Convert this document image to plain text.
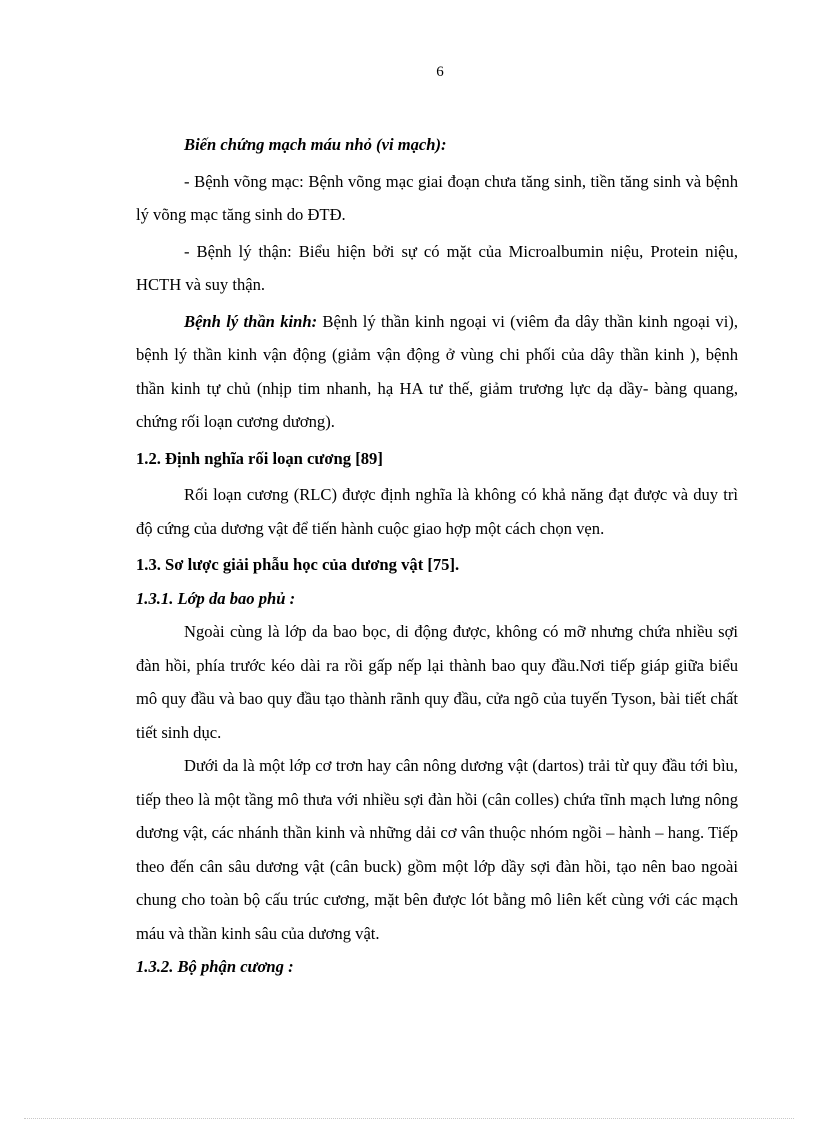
6

Biến chứng mạch máu nhỏ (vi mạch):

- Bệnh võng mạc: Bệnh võng mạc giai đoạn chưa tăng sinh, tiền tăng sinh và bệnh lý võng mạc tăng sinh do ĐTĐ.

- Bệnh lý thận: Biểu hiện bởi sự có mặt của Microalbumin niệu, Protein niệu, HCTH và suy thận.

Bệnh lý thần kinh: Bệnh lý thần kinh ngoại vi (viêm đa dây thần kinh ngoại vi), bệnh lý thần kinh vận động (giảm vận động ở vùng chi phối của dây thần kinh ), bệnh thần kinh tự chủ (nhịp tim nhanh, hạ HA tư thế, giảm trương lực dạ dầy- bàng quang, chứng rối loạn cương dương).

1.2. Định nghĩa rối loạn cương [89]

Rối loạn cương (RLC) được định nghĩa là không có khả năng đạt được và duy trì độ cứng của dương vật để tiến hành cuộc giao hợp một cách chọn vẹn.

1.3. Sơ lược giải phẫu học của dương vật [75].

1.3.1. Lớp da bao phủ :

Ngoài cùng là lớp da bao bọc, di động được, không có mỡ nhưng chứa nhiều sợi đàn hồi, phía trước kéo dài ra rồi gấp nếp lại thành bao quy đầu.Nơi tiếp giáp giữa biểu mô quy đầu và bao quy đầu tạo thành rãnh quy đầu, cửa ngõ của tuyến Tyson, bài tiết chất tiết sinh dục.

Dưới da là một lớp cơ trơn hay cân nông dương vật (dartos) trải từ quy đầu tới bìu, tiếp theo là một tầng mô thưa với nhiều sợi đàn hồi (cân colles) chứa tĩnh mạch lưng nông dương vật, các nhánh thần kinh và những dải cơ vân thuộc nhóm ngồi – hành – hang. Tiếp theo đến cân sâu dương vật (cân buck) gồm một lớp dầy sợi đàn hồi, tạo nên bao ngoài chung cho toàn bộ cấu trúc cương, mặt bên được lót bằng mô liên kết cùng với các mạch máu và thần kinh sâu của dương vật.

1.3.2. Bộ phận cương :
